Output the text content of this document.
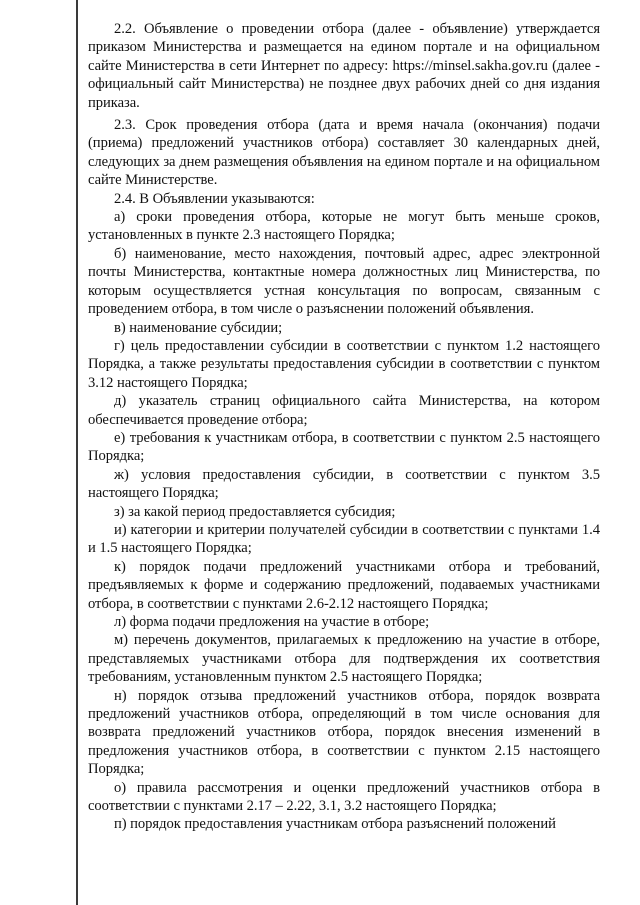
2.2. Объявление о проведении отбора (далее - объявление) утверждается приказом Министерства и размещается на едином портале и на официальном сайте Министерства в сети Интернет по адресу: https://minsel.sakha.gov.ru (далее - официальный сайт Министерства) не позднее двух рабочих дней со дня издания приказа.

2.3. Срок проведения отбора (дата и время начала (окончания) подачи (приема) предложений участников отбора) составляет 30 календарных дней, следующих за днем размещения объявления на едином портале и на официальном сайте Министерстве.

2.4. В Объявлении указываются:

а) сроки проведения отбора, которые не могут быть меньше сроков, установленных в пункте 2.3 настоящего Порядка;

б) наименование, место нахождения, почтовый адрес, адрес электронной почты Министерства, контактные номера должностных лиц Министерства, по которым осуществляется устная консультация по вопросам, связанным с проведением отбора, в том числе о разъяснении положений объявления.

в) наименование субсидии;

г) цель предоставлении субсидии в соответствии с пунктом 1.2 настоящего Порядка, а также результаты предоставления субсидии в соответствии с пунктом 3.12 настоящего Порядка;

д) указатель страниц официального сайта Министерства, на котором обеспечивается проведение отбора;

е) требования к участникам отбора, в соответствии с пунктом 2.5 настоящего Порядка;

ж) условия предоставления субсидии, в соответствии с пунктом 3.5 настоящего Порядка;

з) за какой период предоставляется субсидия;

и) категории и критерии получателей субсидии в соответствии с пунктами 1.4 и 1.5 настоящего Порядка;

к) порядок подачи предложений участниками отбора и требований, предъявляемых к форме и содержанию предложений, подаваемых участниками отбора, в соответствии с пунктами 2.6-2.12 настоящего Порядка;

л) форма подачи предложения на участие в отборе;

м) перечень документов, прилагаемых к предложению на участие в отборе, представляемых участниками отбора для подтверждения их соответствия требованиям, установленным пунктом 2.5 настоящего Порядка;

н) порядок отзыва предложений участников отбора, порядок возврата предложений участников отбора, определяющий в том числе основания для возврата предложений участников отбора, порядок внесения изменений в предложения участников отбора, в соответствии с пунктом 2.15 настоящего Порядка;

о) правила рассмотрения и оценки предложений участников отбора в соответствии с пунктами 2.17 – 2.22, 3.1, 3.2 настоящего Порядка;

п) порядок предоставления участникам отбора разъяснений положений
